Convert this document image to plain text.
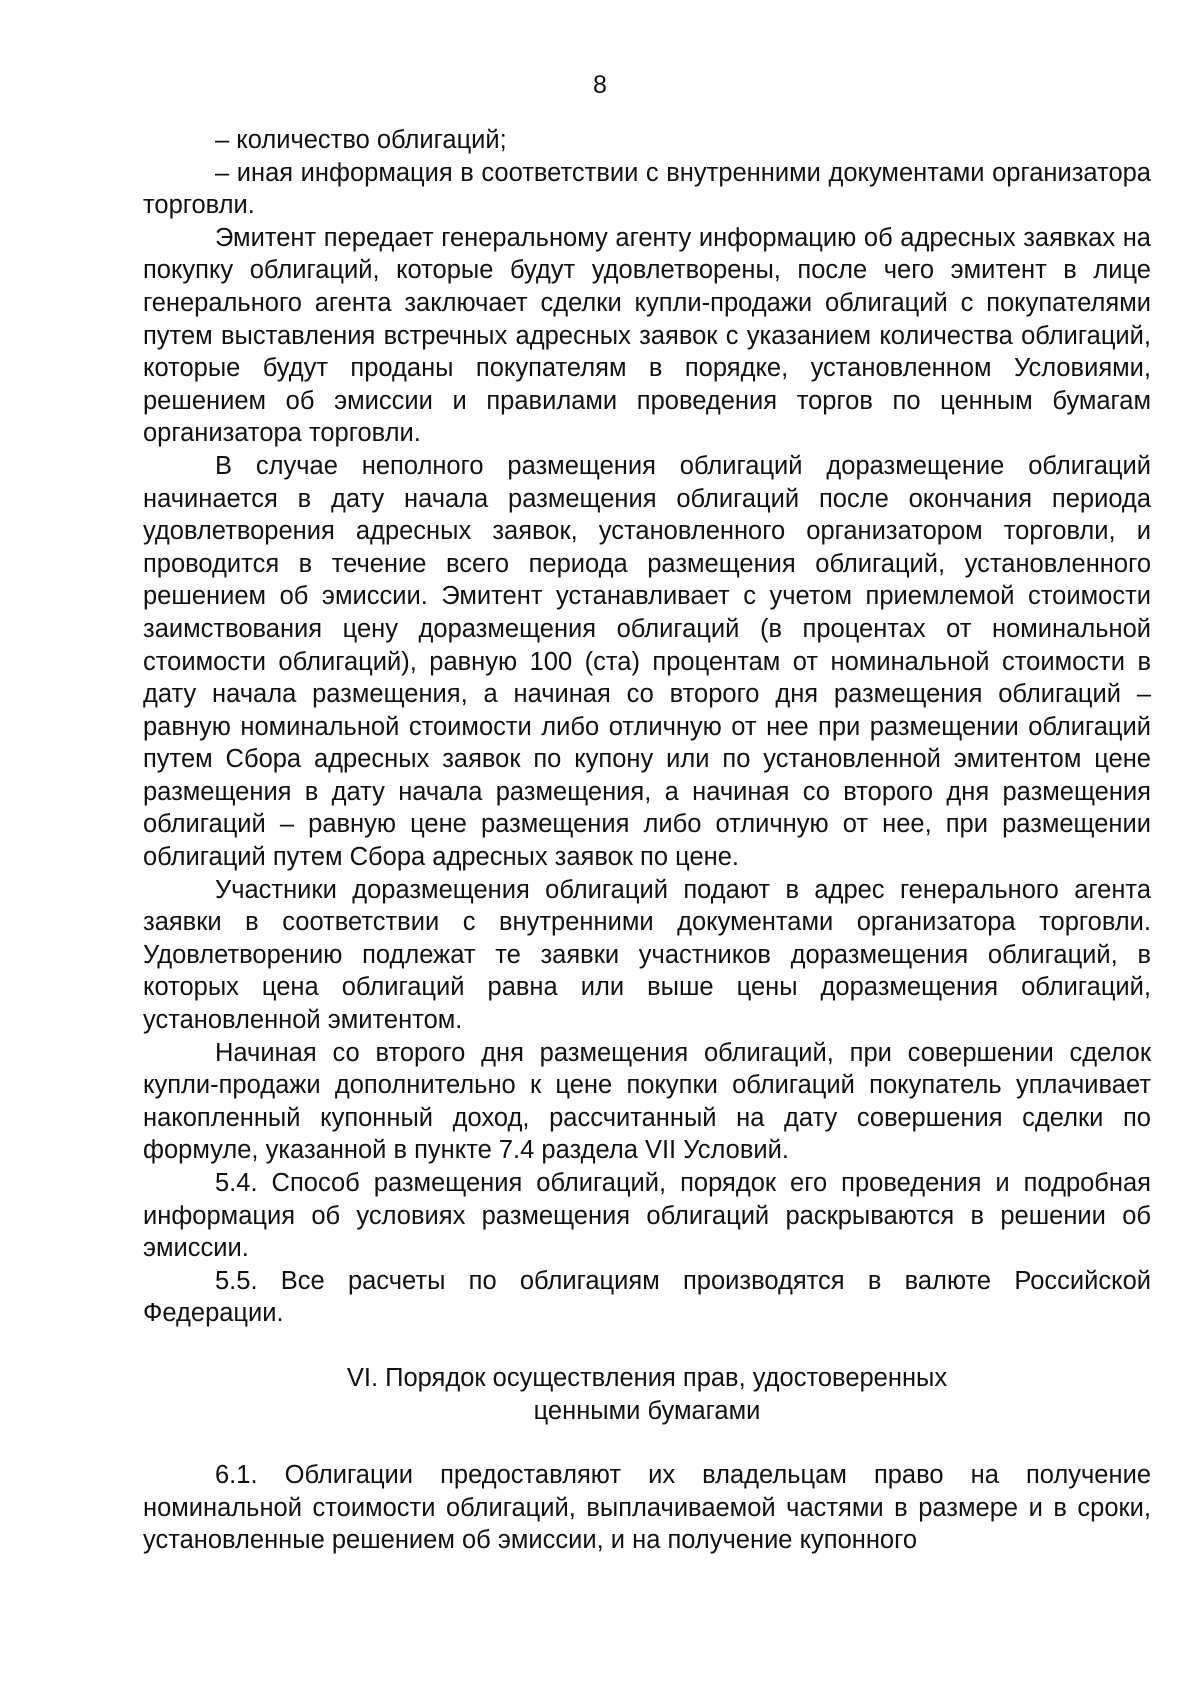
8

– количество облигаций;

– иная информация в соответствии с внутренними документами организатора торговли.

Эмитент передает генеральному агенту информацию об адресных заявках на покупку облигаций, которые будут удовлетворены, после чего эмитент в лице генерального агента заключает сделки купли-продажи облигаций с покупателями путем выставления встречных адресных заявок с указанием количества облигаций, которые будут проданы покупателям в порядке, установленном Условиями, решением об эмиссии и правилами проведения торгов по ценным бумагам организатора торговли.

В случае неполного размещения облигаций доразмещение облигаций начинается в дату начала размещения облигаций после окончания периода удовлетворения адресных заявок, установленного организатором торговли, и проводится в течение всего периода размещения облигаций, установленного решением об эмиссии. Эмитент устанавливает с учетом приемлемой стоимости заимствования цену доразмещения облигаций (в процентах от номинальной стоимости облигаций), равную 100 (ста) процентам от номинальной стоимости в дату начала размещения, а начиная со второго дня размещения облигаций – равную номинальной стоимости либо отличную от нее при размещении облигаций путем Сбора адресных заявок по купону или по установленной эмитентом цене размещения в дату начала размещения, а начиная со второго дня размещения облигаций – равную цене размещения либо отличную от нее, при размещении облигаций путем Сбора адресных заявок по цене.

Участники доразмещения облигаций подают в адрес генерального агента заявки в соответствии с внутренними документами организатора торговли. Удовлетворению подлежат те заявки участников доразмещения облигаций, в которых цена облигаций равна или выше цены доразмещения облигаций, установленной эмитентом.

Начиная со второго дня размещения облигаций, при совершении сделок купли-продажи дополнительно к цене покупки облигаций покупатель уплачивает накопленный купонный доход, рассчитанный на дату совершения сделки по формуле, указанной в пункте 7.4 раздела VII Условий.

5.4. Способ размещения облигаций, порядок его проведения и подробная информация об условиях размещения облигаций раскрываются в решении об эмиссии.

5.5. Все расчеты по облигациям производятся в валюте Российской Федерации.

VI. Порядок осуществления прав, удостоверенных
ценными бумагами

6.1. Облигации предоставляют их владельцам право на получение номинальной стоимости облигаций, выплачиваемой частями в размере и в сроки, установленные решением об эмиссии, и на получение купонного
